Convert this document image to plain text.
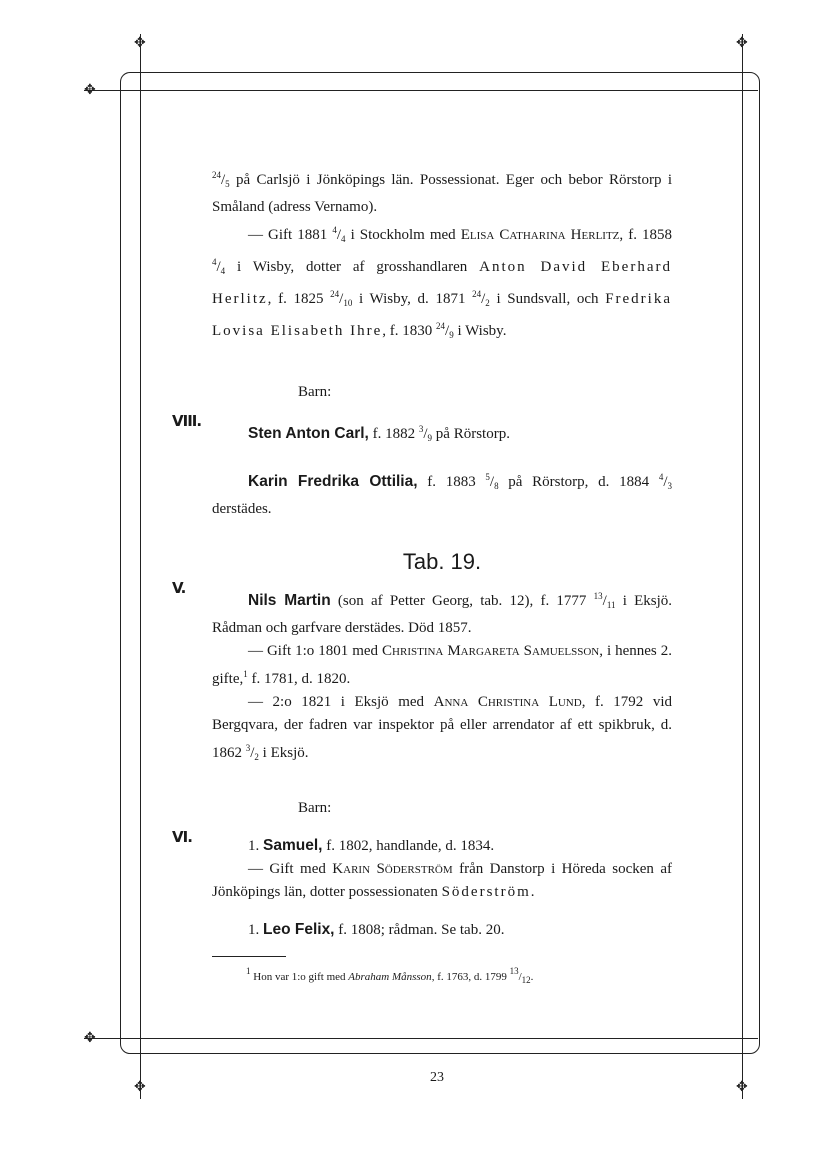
✥	✥
✥
✥
✥	✥

$^{24}/_5$ på Carlsjö i Jönköpings län. Possessionat. Eger och bebor Rörstorp i Småland (adress Vernamo).

— Gift 1881 $^4/_4$ i Stockholm med Elisa Catharina Herlitz, f. 1858 $^4/_4$ i Wisby, dotter af grosshandlaren Anton David Eberhard Herlitz, f. 1825 $^{24}/_{10}$ i Wisby, d. 1871 $^{24}/_2$ i Sundsvall, och Fredrika Lovisa Elisabeth Ihre, f. 1830 $^{24}/_9$ i Wisby.

Barn:

VIII.

Sten Anton Carl, f. 1882 $^3/_9$ på Rörstorp.

Karin Fredrika Ottilia, f. 1883 $^5/_8$ på Rörstorp, d. 1884 $^4/_3$ derstädes.

Tab. 19.
V.

Nils Martin (son af Petter Georg, tab. 12), f. 1777 $^{13}/_{11}$ i Eksjö. Rådman och garfvare derstädes. Död 1857.

— Gift 1:o 1801 med Christina Margareta Samuelsson, i hennes 2. gifte,$^1$ f. 1781, d. 1820.

— 2:o 1821 i Eksjö med Anna Christina Lund, f. 1792 vid Bergqvara, der fadren var inspektor på eller arrendator af ett spikbruk, d. 1862 $^3/_2$ i Eksjö.

Barn:

VI.	1. Samuel, f. 1802, handlande, d. 1834.

— Gift med Karin Söderström från Danstorp i Höreda socken af Jönköpings län, dotter possessionaten Söderström.

1. Leo Felix, f. 1808; rådman. Se tab. 20.

$^1$ Hon var 1:o gift med Abraham Månsson, f. 1763, d. 1799 $^{13}/_{12}$.

23
